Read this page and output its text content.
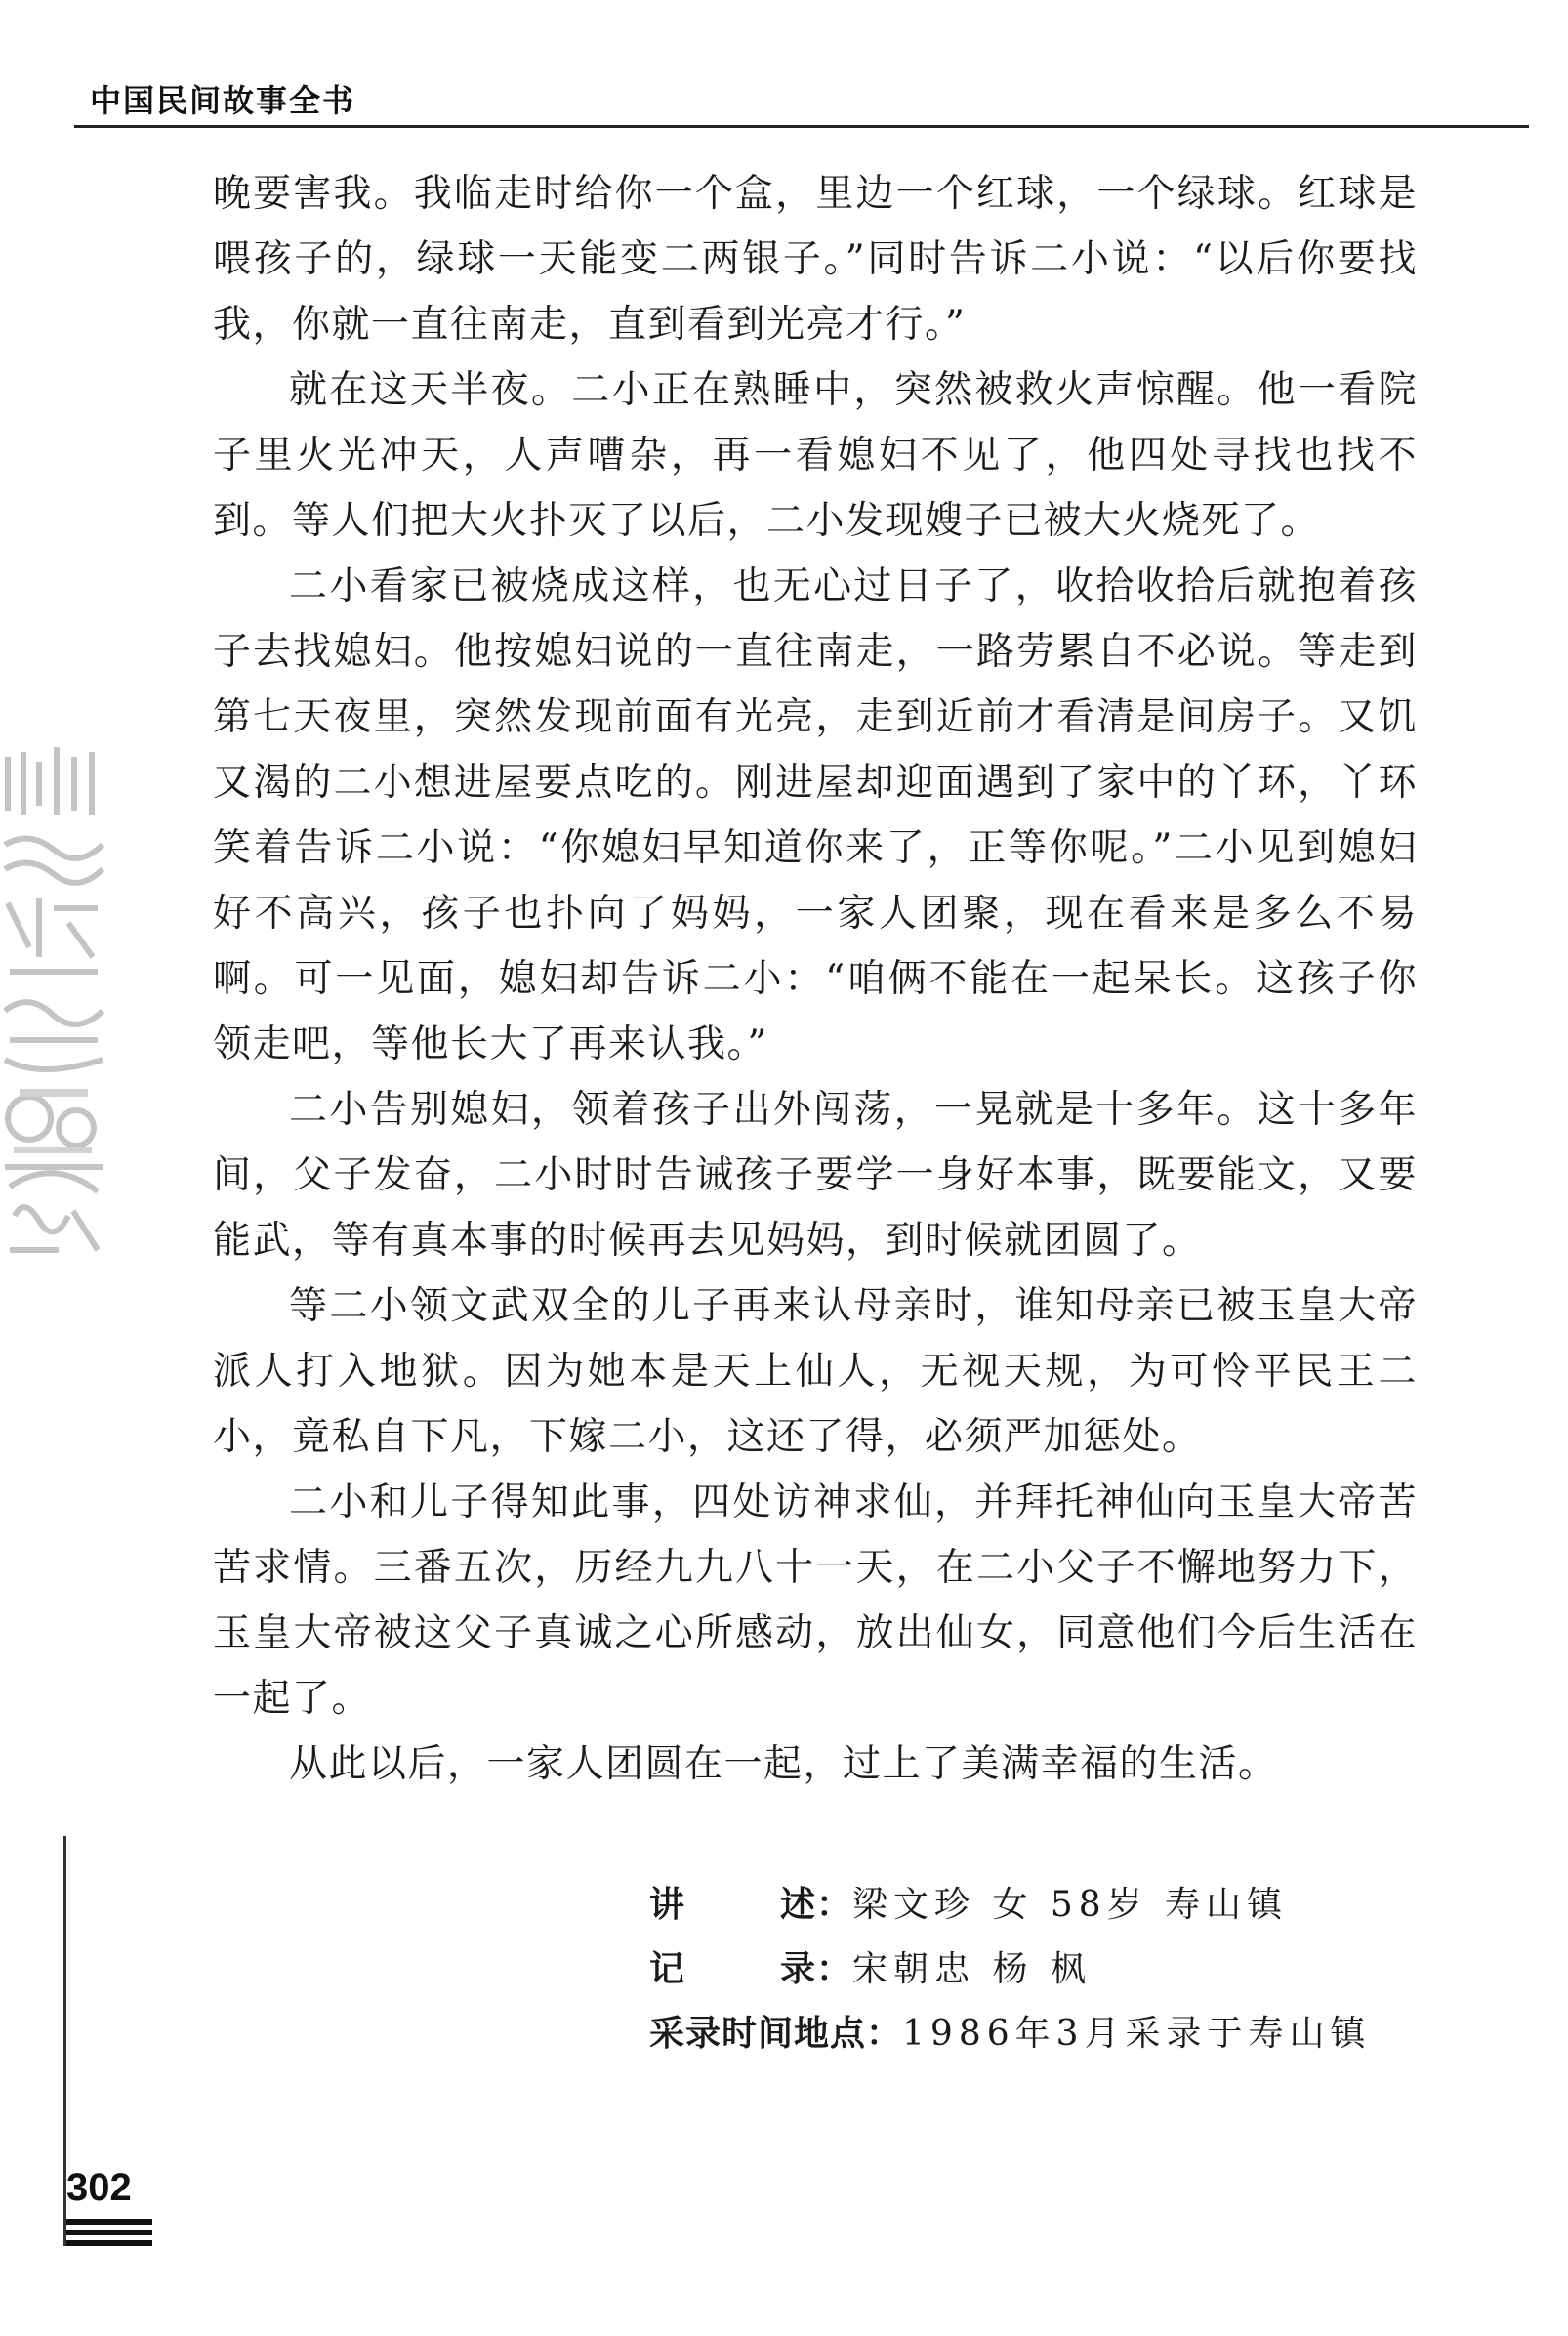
中国民间故事全书

晚要害我。我临走时给你一个盒，里边一个红球，一个绿球。红球是喂孩子的，绿球一天能变二两银子。”同时告诉二小说：“以后你要找我，你就一直往南走，直到看到光亮才行。”

就在这天半夜。二小正在熟睡中，突然被救火声惊醒。他一看院子里火光冲天，人声嘈杂，再一看媳妇不见了，他四处寻找也找不到。等人们把大火扑灭了以后，二小发现嫂子已被大火烧死了。

二小看家已被烧成这样，也无心过日子了，收拾收拾后就抱着孩子去找媳妇。他按媳妇说的一直往南走，一路劳累自不必说。等走到第七天夜里，突然发现前面有光亮，走到近前才看清是间房子。又饥又渴的二小想进屋要点吃的。刚进屋却迎面遇到了家中的丫环，丫环笑着告诉二小说：“你媳妇早知道你来了，正等你呢。”二小见到媳妇好不高兴，孩子也扑向了妈妈，一家人团聚，现在看来是多么不易啊。可一见面，媳妇却告诉二小：“咱俩不能在一起呆长。这孩子你领走吧，等他长大了再来认我。”

二小告别媳妇，领着孩子出外闯荡，一晃就是十多年。这十多年间，父子发奋，二小时时告诫孩子要学一身好本事，既要能文，又要能武，等有真本事的时候再去见妈妈，到时候就团圆了。

等二小领文武双全的儿子再来认母亲时，谁知母亲已被玉皇大帝派人打入地狱。因为她本是天上仙人，无视天规，为可怜平民王二小，竟私自下凡，下嫁二小，这还了得，必须严加惩处。

二小和儿子得知此事，四处访神求仙，并拜托神仙向玉皇大帝苦苦求情。三番五次，历经九九八十一天，在二小父子不懈地努力下，玉皇大帝被这父子真诚之心所感动，放出仙女，同意他们今后生活在一起了。

从此以后，一家人团圆在一起，过上了美满幸福的生活。

讲	述： 梁文珍 女 58岁 寿山镇
记	录： 宋朝忠 杨 枫
采录时间地点： 1986年3月采录于寿山镇
302
